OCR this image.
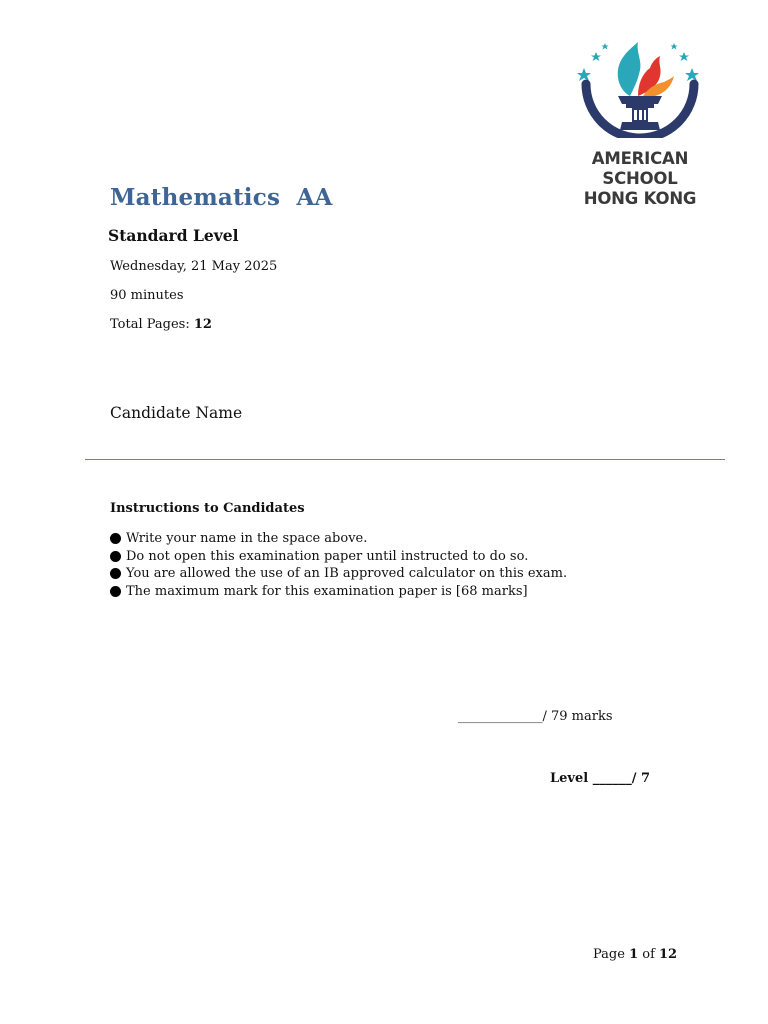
AMERICAN
SCHOOL
HONG KONG
Mathematics  AA
Standard Level
Wednesday, 21 May 2025
90 minutes
Total Pages: 12
Candidate Name
Instructions to Candidates
Write your name in the space above.
Do not open this examination paper until instructed to do so.
You are allowed the use of an IB approved calculator on this exam.
The maximum mark for this examination paper is [68 marks]
_____________/ 79 marks
Level ______/ 7
Page 1 of 12
